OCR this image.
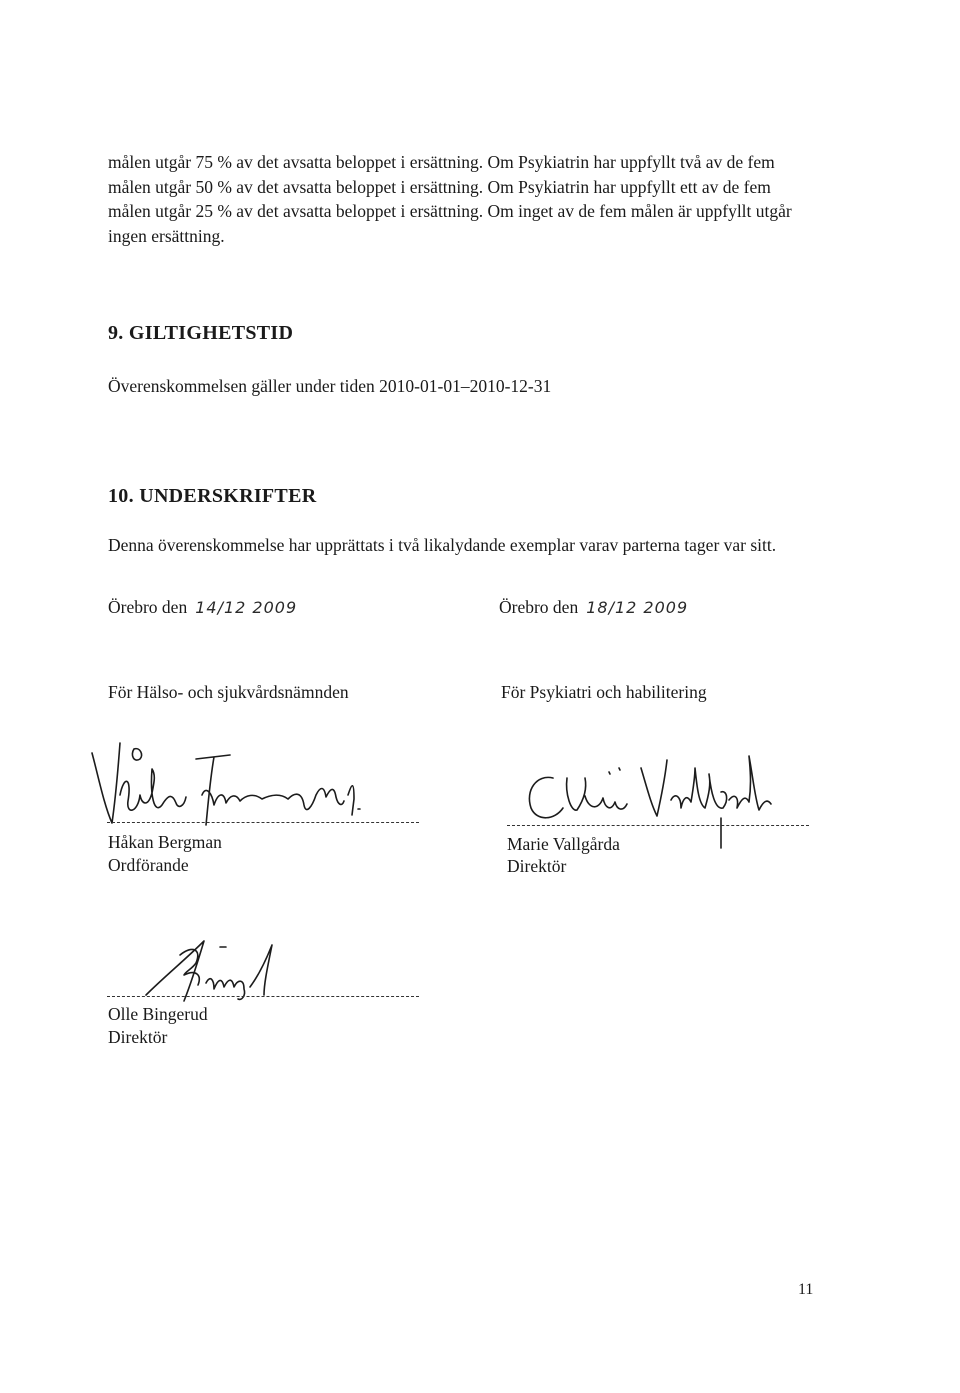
målen utgår 75 % av det avsatta beloppet i ersättning. Om Psykiatrin har uppfyllt två av de fem målen utgår 50 % av det avsatta beloppet i ersättning. Om Psykiatrin har uppfyllt ett av de fem målen utgår 25 % av det avsatta beloppet i ersättning. Om inget av de fem målen är uppfyllt utgår ingen ersättning.
9. GILTIGHETSTID
Överenskommelsen gäller under tiden 2010-01-01–2010-12-31
10. UNDERSKRIFTER
Denna överenskommelse har upprättats i två likalydande exemplar varav parterna tager var sitt.
Örebro den 14/12 2009
För Hälso- och sjukvårdsnämnden
Håkan Bergman
Ordförande
Örebro den 18/12 2009
För Psykiatri och habilitering
Marie Vallgårda
Direktör
Olle Bingerud
Direktör
11
